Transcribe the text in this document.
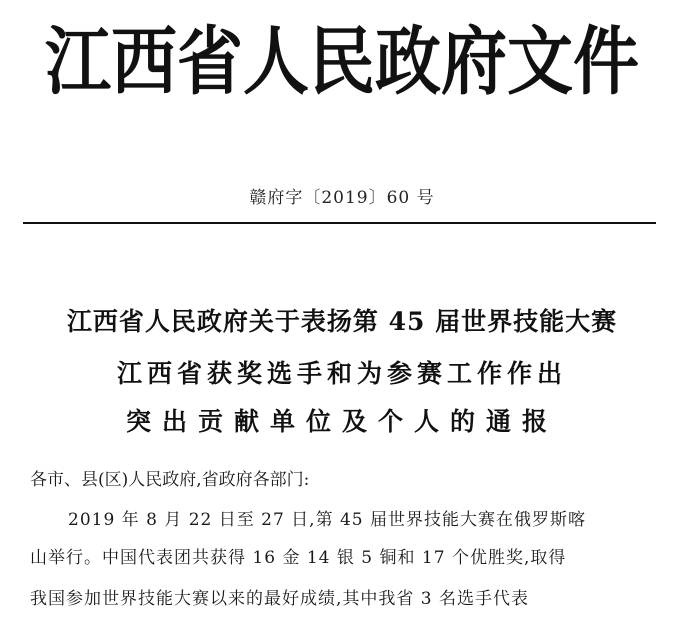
江西省人民政府文件
赣府字〔2019〕60 号
江西省人民政府关于表扬第 45 届世界技能大赛
江西省获奖选手和为参赛工作作出
突出贡献单位及个人的通报
各市、县(区)人民政府,省政府各部门:
2019 年 8 月 22 日至 27 日,第 45 届世界技能大赛在俄罗斯喀
山举行。中国代表团共获得 16 金 14 银 5 铜和 17 个优胜奖,取得
我国参加世界技能大赛以来的最好成绩,其中我省 3 名选手代表
